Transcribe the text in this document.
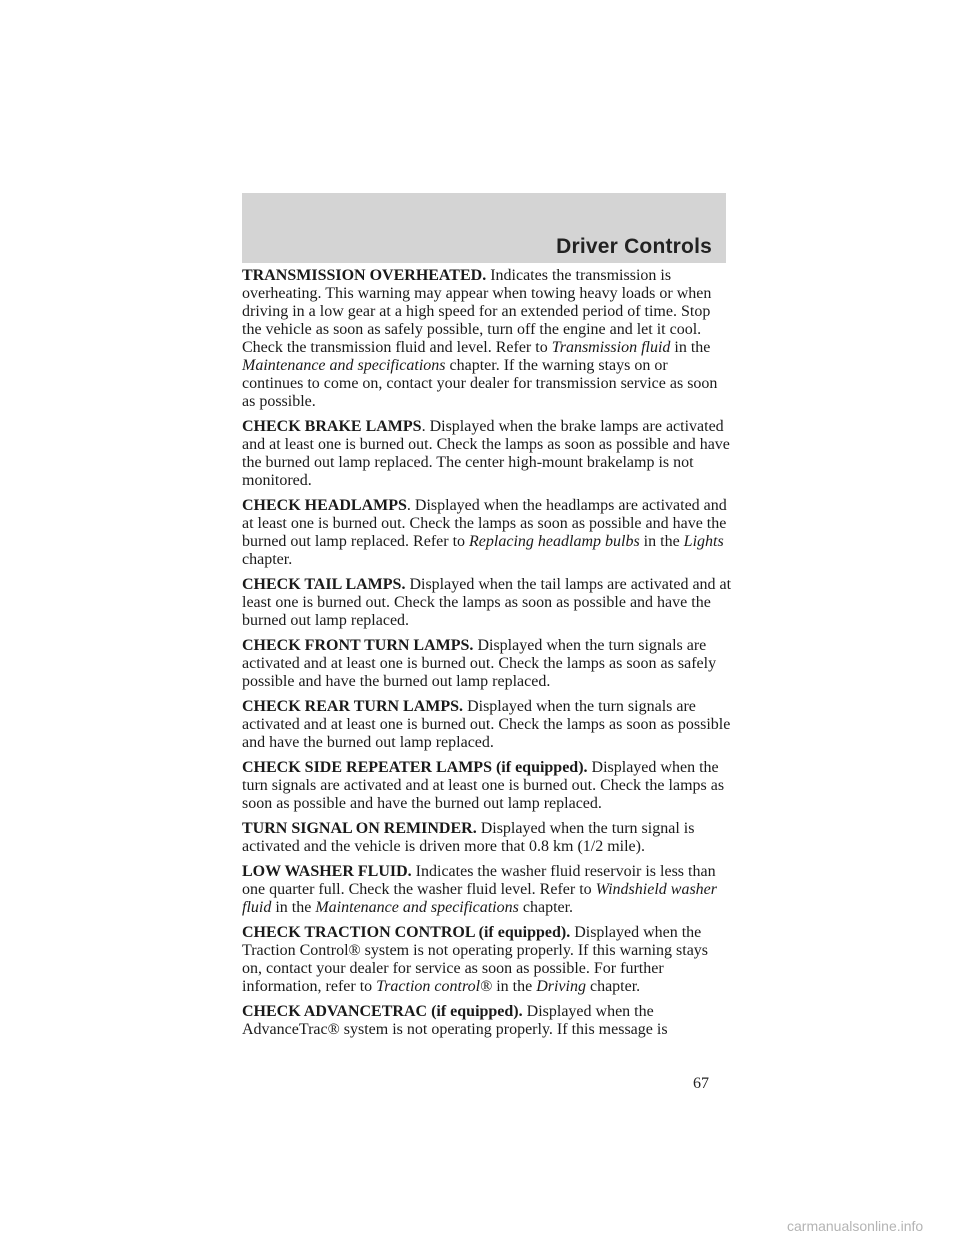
Driver Controls

TRANSMISSION OVERHEATED. Indicates the transmission is overheating. This warning may appear when towing heavy loads or when driving in a low gear at a high speed for an extended period of time. Stop the vehicle as soon as safely possible, turn off the engine and let it cool. Check the transmission fluid and level. Refer to Transmission fluid in the Maintenance and specifications chapter. If the warning stays on or continues to come on, contact your dealer for transmission service as soon as possible.

CHECK BRAKE LAMPS. Displayed when the brake lamps are activated and at least one is burned out. Check the lamps as soon as possible and have the burned out lamp replaced. The center high-mount brakelamp is not monitored.

CHECK HEADLAMPS. Displayed when the headlamps are activated and at least one is burned out. Check the lamps as soon as possible and have the burned out lamp replaced. Refer to Replacing headlamp bulbs in the Lights chapter.

CHECK TAIL LAMPS. Displayed when the tail lamps are activated and at least one is burned out. Check the lamps as soon as possible and have the burned out lamp replaced.

CHECK FRONT TURN LAMPS. Displayed when the turn signals are activated and at least one is burned out. Check the lamps as soon as safely possible and have the burned out lamp replaced.

CHECK REAR TURN LAMPS. Displayed when the turn signals are activated and at least one is burned out. Check the lamps as soon as possible and have the burned out lamp replaced.

CHECK SIDE REPEATER LAMPS (if equipped). Displayed when the turn signals are activated and at least one is burned out. Check the lamps as soon as possible and have the burned out lamp replaced.

TURN SIGNAL ON REMINDER. Displayed when the turn signal is activated and the vehicle is driven more that 0.8 km (1/2 mile).

LOW WASHER FLUID. Indicates the washer fluid reservoir is less than one quarter full. Check the washer fluid level. Refer to Windshield washer fluid in the Maintenance and specifications chapter.

CHECK TRACTION CONTROL (if equipped). Displayed when the Traction Control® system is not operating properly. If this warning stays on, contact your dealer for service as soon as possible. For further information, refer to Traction control® in the Driving chapter.

CHECK ADVANCETRAC (if equipped). Displayed when the AdvanceTrac® system is not operating properly. If this message is

67
carmanualsonline.info
